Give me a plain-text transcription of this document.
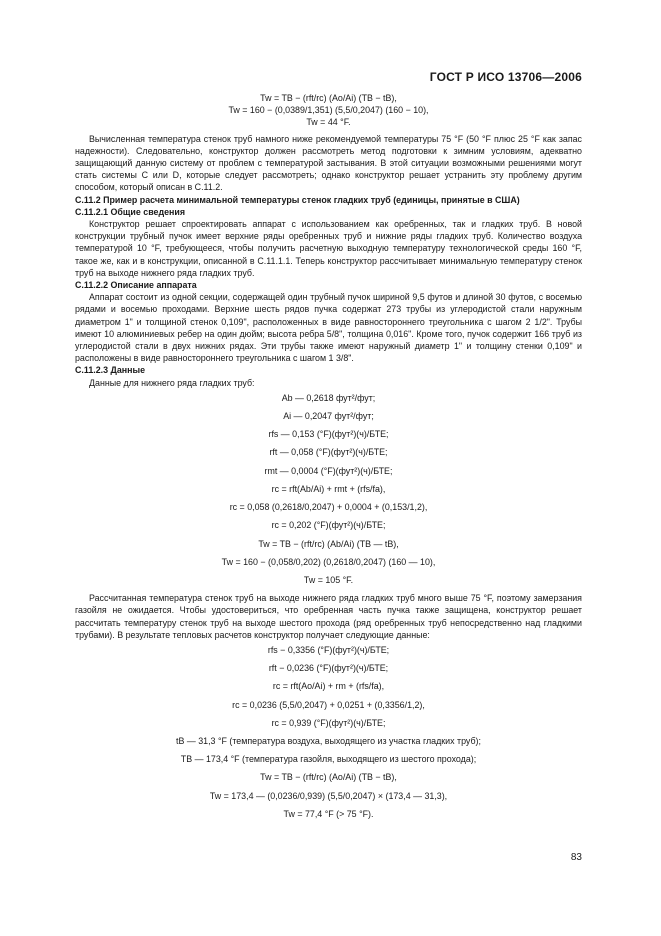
ГОСТ Р ИСО 13706—2006
Tw = TB − (rft/rc) (Ao/Ai) (TB − tB),
Tw = 160 − (0,0389/1,351) (5,5/0,2047) (160 − 10),
Tw = 44 °F.

Вычисленная температура стенок труб намного ниже рекомендуемой температуры 75 °F (50 °F плюс 25 °F как запас надежности). Следовательно, конструктор должен рассмотреть метод подготовки к зимним условиям, адекватно защищающий данную систему от проблем с температурой застывания. В этой ситуации возможными решениями могут стать системы С или D, которые следует рассмотреть; однако конструктор решает устранить эту проблему другим способом, который описан в С.11.2.

С.11.2 Пример расчета минимальной температуры стенок гладких труб (единицы, принятые в США)

С.11.2.1 Общие сведения

Конструктор решает спроектировать аппарат с использованием как оребренных, так и гладких труб. В новой конструкции трубный пучок имеет верхние ряды оребренных труб и нижние ряды гладких труб. Количество воздуха температурой 10 °F, требующееся, чтобы получить расчетную выходную температуру технологической среды 160 °F, такое же, как и в конструкции, описанной в С.11.1.1. Теперь конструктор рассчитывает минимальную температуру стенок труб на выходе нижнего ряда гладких труб.

С.11.2.2 Описание аппарата

Аппарат состоит из одной секции, содержащей один трубный пучок шириной 9,5 футов и длиной 30 футов, с восемью рядами и восемью проходами. Верхние шесть рядов пучка содержат 273 трубы из углеродистой стали наружным диаметром 1" и толщиной стенок 0,109", расположенных в виде равностороннего треугольника с шагом 2 1/2". Трубы имеют 10 алюминиевых ребер на один дюйм; высота ребра 5/8", толщина 0,016". Кроме того, пучок содержит 166 труб из углеродистой стали в двух нижних рядах. Эти трубы также имеют наружный диаметр 1" и толщину стенки 0,109" и расположены в виде равностороннего треугольника с шагом 1 3/8".

С.11.2.3 Данные

Данные для нижнего ряда гладких труб:

Ab — 0,2618 фут²/фут;
Ai — 0,2047 фут²/фут;
rfs — 0,153 (°F)(фут²)(ч)/БТЕ;
rft — 0,058 (°F)(фут²)(ч)/БТЕ;
rmt — 0,0004 (°F)(фут²)(ч)/БТЕ;
rc = rft(Ab/Ai) + rmt + (rfs/fa),
rc = 0,058 (0,2618/0,2047) + 0,0004 + (0,153/1,2),
rc = 0,202 (°F)(фут²)(ч)/БТЕ;
Tw = TB − (rft/rc) (Ab/Ai) (TB — tB),
Tw = 160 − (0,058/0,202) (0,2618/0,2047) (160 — 10),
Tw = 105 °F.

Рассчитанная температура стенок труб на выходе нижнего ряда гладких труб много выше 75 °F, поэтому замерзания газойля не ожидается. Чтобы удостовериться, что оребренная часть пучка также защищена, конструктор решает рассчитать температуру стенок труб на выходе шестого прохода (ряд оребренных труб непосредственно над гладкими трубами). В результате тепловых расчетов конструктор получает следующие данные:

rfs − 0,3356 (°F)(фут²)(ч)/БТЕ;
rft − 0,0236 (°F)(фут²)(ч)/БТЕ;
rc = rft(Ao/Ai) + rm + (rfs/fa),
rc = 0,0236 (5,5/0,2047) + 0,0251 + (0,3356/1,2),
rc = 0,939 (°F)(фут²)(ч)/БТЕ;
tB — 31,3 °F (температура воздуха, выходящего из участка гладких труб);
TB — 173,4 °F (температура газойля, выходящего из шестого прохода);
Tw = TB − (rft/rc) (Ao/Ai) (TB − tB),
Tw = 173,4 — (0,0236/0,939) (5,5/0,2047) × (173,4 — 31,3),
Tw = 77,4 °F (> 75 °F).
83
